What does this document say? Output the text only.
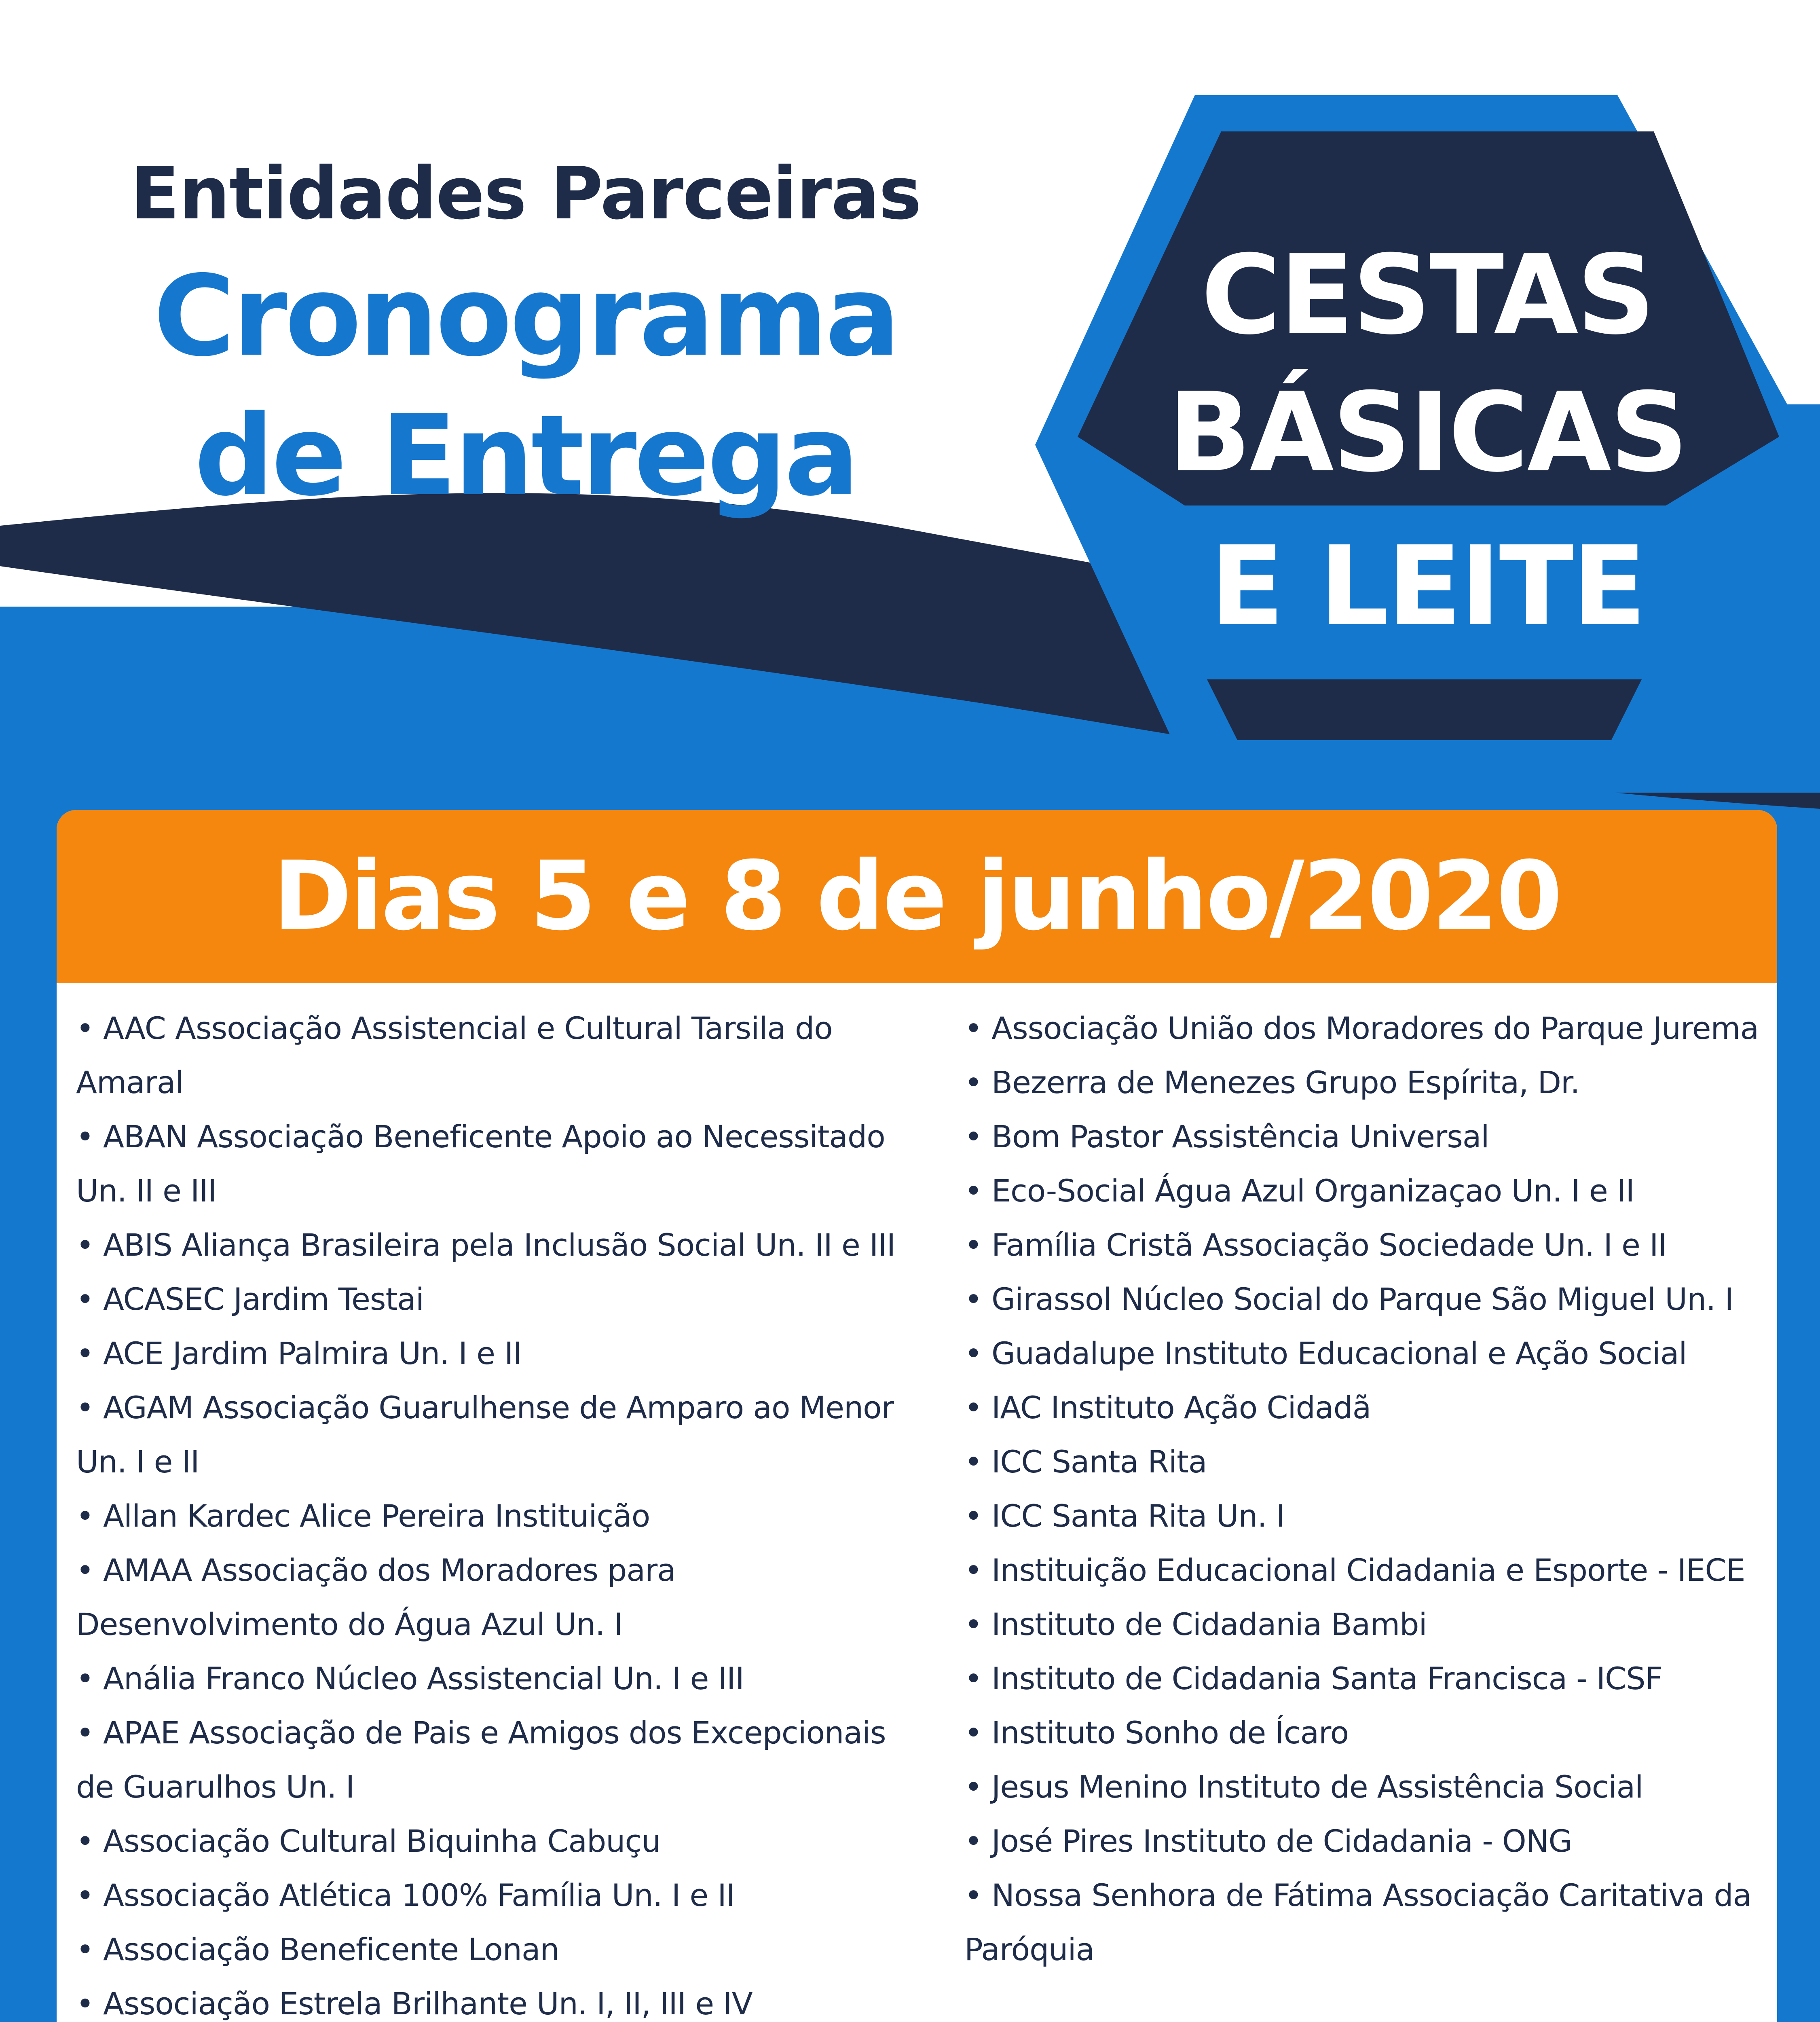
Entidades Parceiras

Cronograma
de Entrega
CESTAS
BÁSICAS
E LEITE
Dias 5 e 8 de junho/2020
• AAC Associação Assistencial e Cultural Tarsila do Amaral
• ABAN Associação Beneficente Apoio ao Necessitado Un. II e III
• ABIS Aliança Brasileira pela Inclusão Social Un. II e III
• ACASEC Jardim Testai
• ACE Jardim Palmira Un. I e II
• AGAM Associação Guarulhense de Amparo ao Menor Un. I e II
• Allan Kardec Alice Pereira Instituição
• AMAA Associação dos Moradores para Desenvolvimento do Água Azul Un. I
• Anália Franco Núcleo Assistencial Un. I e III
• APAE Associação de Pais e Amigos dos Excepcionais de Guarulhos Un. I
• Associação Cultural Biquinha Cabuçu
• Associação Atlética 100% Família Un. I e II
• Associação Beneficente Lonan
• Associação Estrela Brilhante Un. I, II, III e IV
• Associação União dos Moradores do Parque Jurema
• Bezerra de Menezes Grupo Espírita, Dr.
• Bom Pastor Assistência Universal
• Eco-Social Água Azul Organizaçao Un. I e II
• Família Cristã Associação Sociedade Un. I e II
• Girassol Núcleo Social do Parque São Miguel Un. I
• Guadalupe Instituto Educacional e Ação Social
• IAC Instituto Ação Cidadã
• ICC Santa Rita
• ICC Santa Rita Un. I
• Instituição Educacional Cidadania e Esporte - IECE
• Instituto de Cidadania Bambi
• Instituto de Cidadania Santa Francisca - ICSF
• Instituto Sonho de Ícaro
• Jesus Menino Instituto de Assistência Social
• José Pires Instituto de Cidadania - ONG
• Nossa Senhora de Fátima Associação Caritativa da Paróquia
